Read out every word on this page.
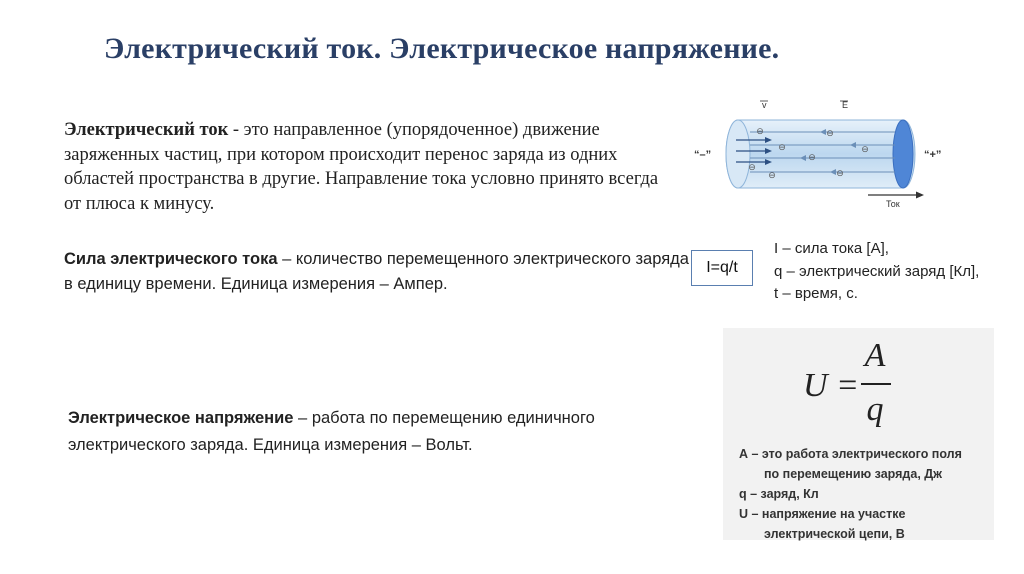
Электрический ток. Электрическое напряжение.
Электрический ток - это направленное (упорядоченное) движение заряженных частиц, при котором происходит перенос заряда из одних областей пространства в другие. Направление тока условно принято всегда от плюса к минусу.
Сила электрического тока – количество перемещенного электрического заряда в единицу времени. Единица измерения – Ампер.
Электрическое напряжение – работа по перемещению единичного электрического заряда. Единица измерения – Вольт.
v	E
⊖	⊖
⊖	⊖
⊖
⊖
⊖
⊖
“–”	“+”
Ток
I=q/t
I – сила тока [А],
q – электрический заряд [Кл],
t – время, с.
U =
A
q
А – это работа электрического поля
по перемещению заряда, Дж
q – заряд, Кл
U – напряжение на участке
электрической цепи, В
